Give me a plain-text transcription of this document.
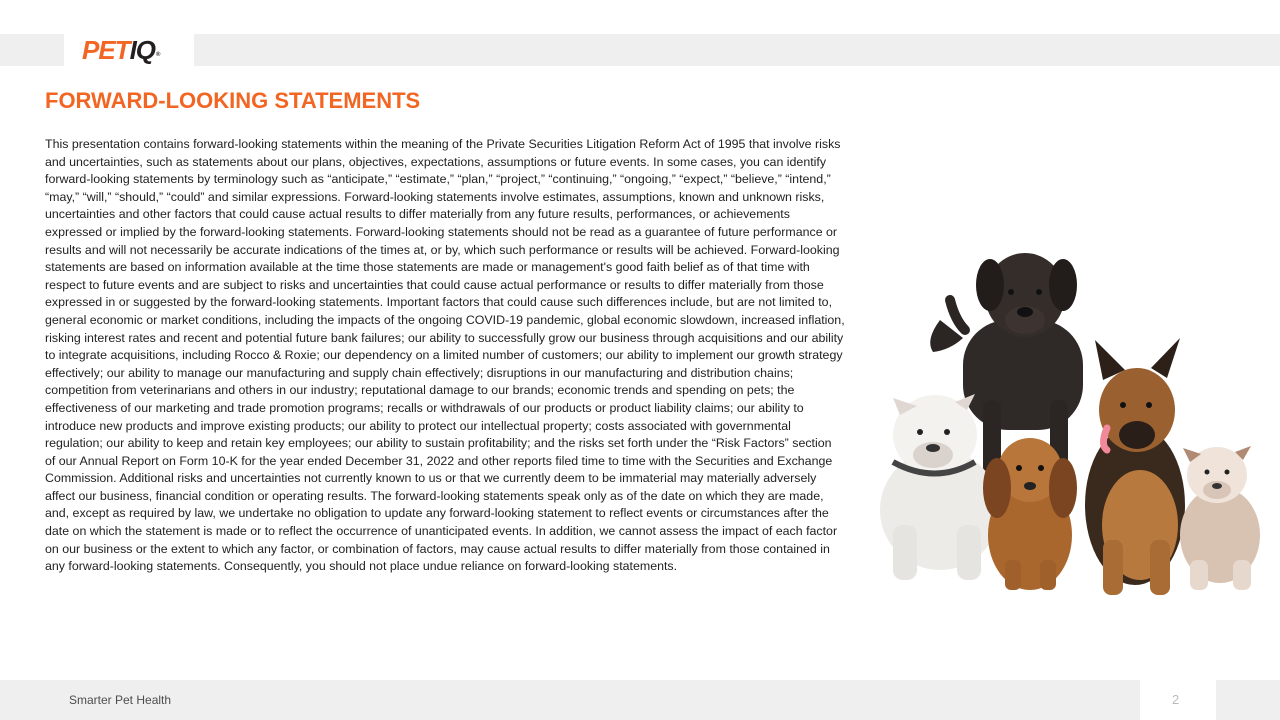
PET IQ ®
FORWARD-LOOKING STATEMENTS

This presentation contains forward-looking statements within the meaning of the Private Securities Litigation Reform Act of 1995 that involve risks and uncertainties, such as statements about our plans, objectives, expectations, assumptions or future events. In some cases, you can identify forward-looking statements by terminology such as “anticipate,” “estimate,” “plan,” “project,” “continuing,” “ongoing,” “expect,” “believe,” “intend,” “may,” “will,” “should,” “could” and similar expressions. Forward-looking statements involve estimates, assumptions, known and unknown risks, uncertainties and other factors that could cause actual results to differ materially from any future results, performances, or achievements expressed or implied by the forward-looking statements. Forward-looking statements should not be read as a guarantee of future performance or results and will not necessarily be accurate indications of the times at, or by, which such performance or results will be achieved. Forward-looking statements are based on information available at the time those statements are made or management's good faith belief as of that time with respect to future events and are subject to risks and uncertainties that could cause actual performance or results to differ materially from those expressed in or suggested by the forward-looking statements. Important factors that could cause such differences include, but are not limited to, general economic or market conditions, including the impacts of the ongoing COVID-19 pandemic, global economic slowdown, increased inflation, risking interest rates and recent and potential future bank failures; our ability to successfully grow our business through acquisitions and our ability to integrate acquisitions, including Rocco & Roxie; our dependency on a limited number of customers; our ability to implement our growth strategy effectively; our ability to manage our manufacturing and supply chain effectively; disruptions in our manufacturing and distribution chains; competition from veterinarians and others in our industry; reputational damage to our brands; economic trends and spending on pets; the effectiveness of our marketing and trade promotion programs; recalls or withdrawals of our products or product liability claims; our ability to introduce new products and improve existing products; our ability to protect our intellectual property; costs associated with governmental regulation; our ability to keep and retain key employees; our ability to sustain profitability; and the risks set forth under the “Risk Factors” section of our Annual Report on Form 10-K for the year ended December 31, 2022 and other reports filed time to time with the Securities and Exchange Commission. Additional risks and uncertainties not currently known to us or that we currently deem to be immaterial may materially adversely affect our business, financial condition or operating results. The forward-looking statements speak only as of the date on which they are made, and, except as required by law, we undertake no obligation to update any forward-looking statement to reflect events or circumstances after the date on which the statement is made or to reflect the occurrence of unanticipated events. In addition, we cannot assess the impact of each factor on our business or the extent to which any factor, or combination of factors, may cause actual results to differ materially from those contained in any forward-looking statements. Consequently, you should not place undue reliance on forward-looking statements.

Smarter Pet Health	2
